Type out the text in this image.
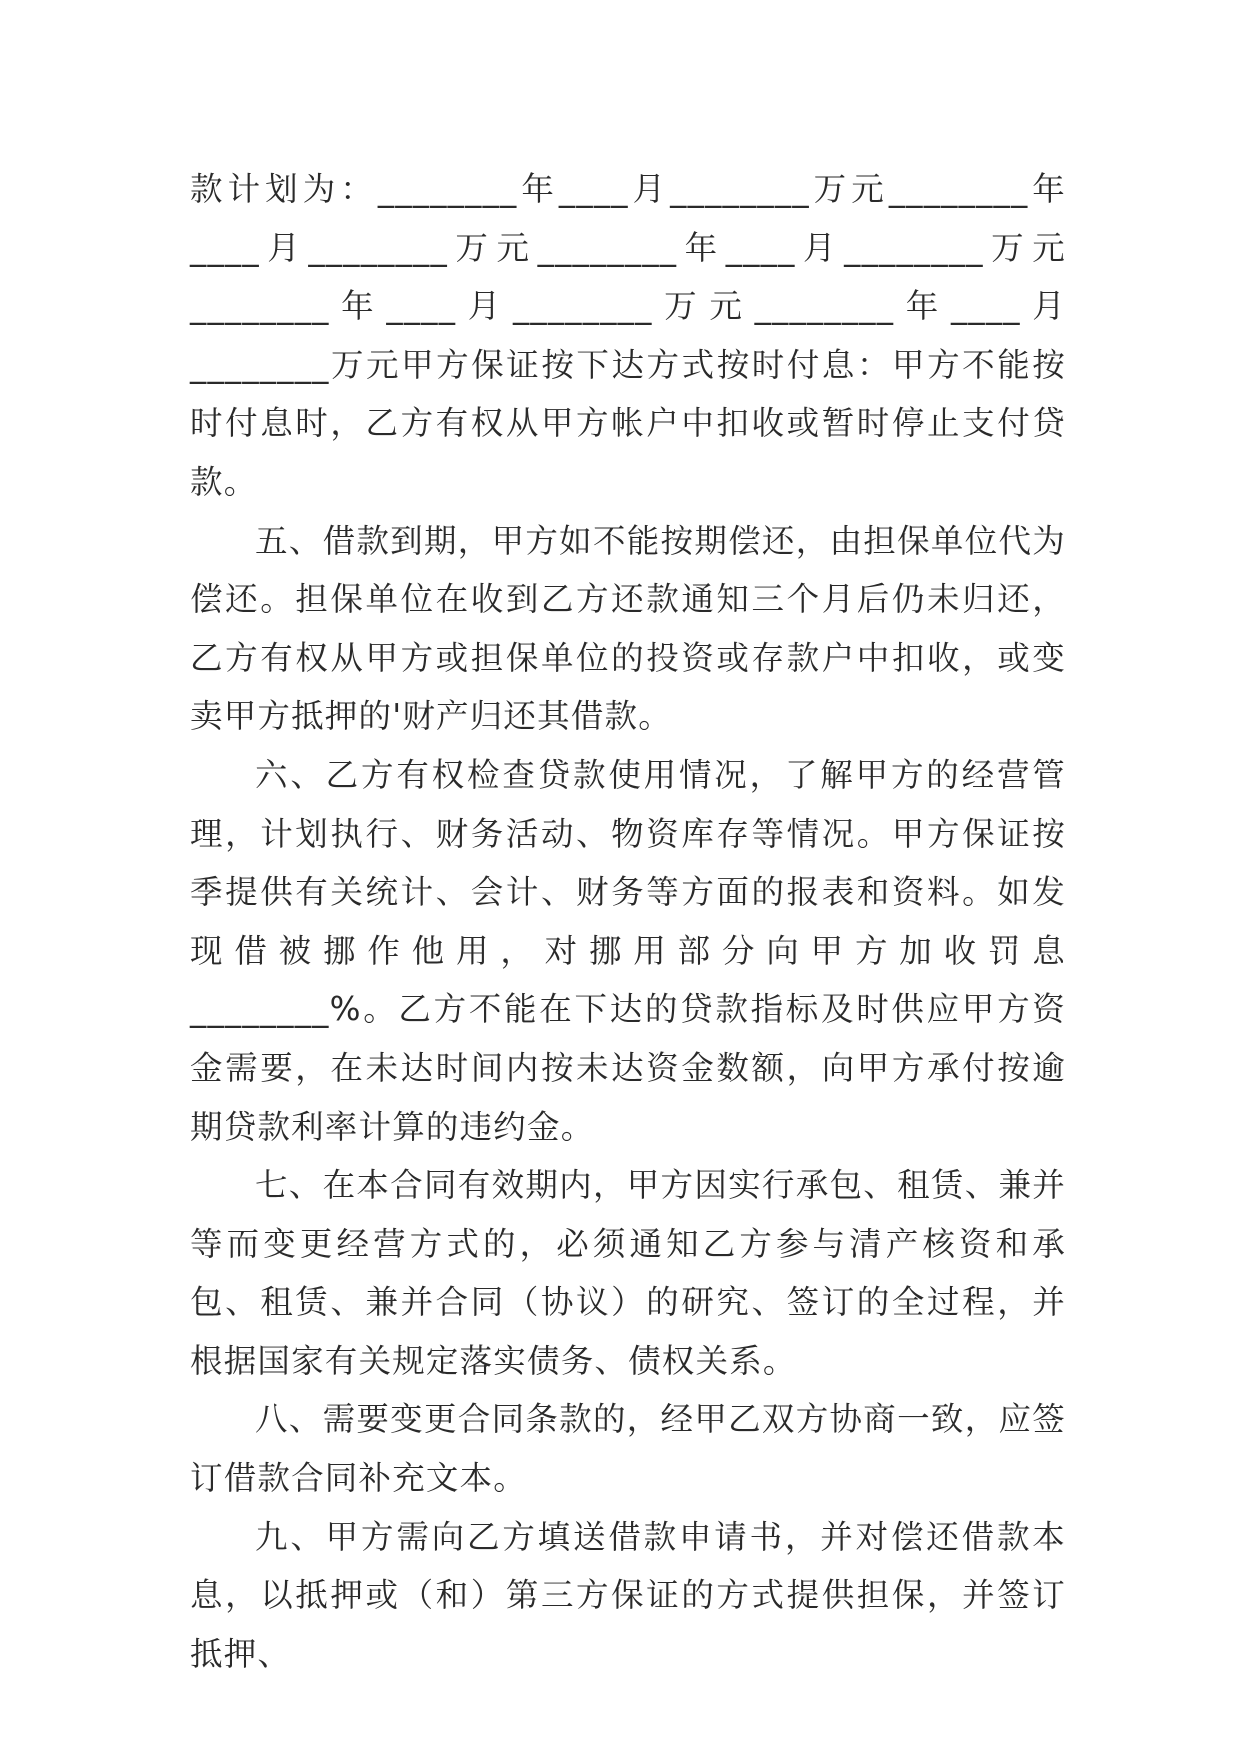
款计划为：________年____月________万元________年____月________万元________年____月________万元________年____月________万元________年____月________万元甲方保证按下达方式按时付息：甲方不能按时付息时，乙方有权从甲方帐户中扣收或暂时停止支付贷款。

五、借款到期，甲方如不能按期偿还，由担保单位代为偿还。担保单位在收到乙方还款通知三个月后仍未归还，乙方有权从甲方或担保单位的投资或存款户中扣收，或变卖甲方抵押的'财产归还其借款。

六、乙方有权检查贷款使用情况，了解甲方的经营管理，计划执行、财务活动、物资库存等情况。甲方保证按季提供有关统计、会计、财务等方面的报表和资料。如发现借被挪作他用，对挪用部分向甲方加收罚息________%。乙方不能在下达的贷款指标及时供应甲方资金需要，在未达时间内按未达资金数额，向甲方承付按逾期贷款利率计算的违约金。

七、在本合同有效期内，甲方因实行承包、租赁、兼并等而变更经营方式的，必须通知乙方参与清产核资和承包、租赁、兼并合同（协议）的研究、签订的全过程，并根据国家有关规定落实债务、债权关系。

八、需要变更合同条款的，经甲乙双方协商一致，应签订借款合同补充文本。

九、甲方需向乙方填送借款申请书，并对偿还借款本息，以抵押或（和）第三方保证的方式提供担保，并签订抵押、
